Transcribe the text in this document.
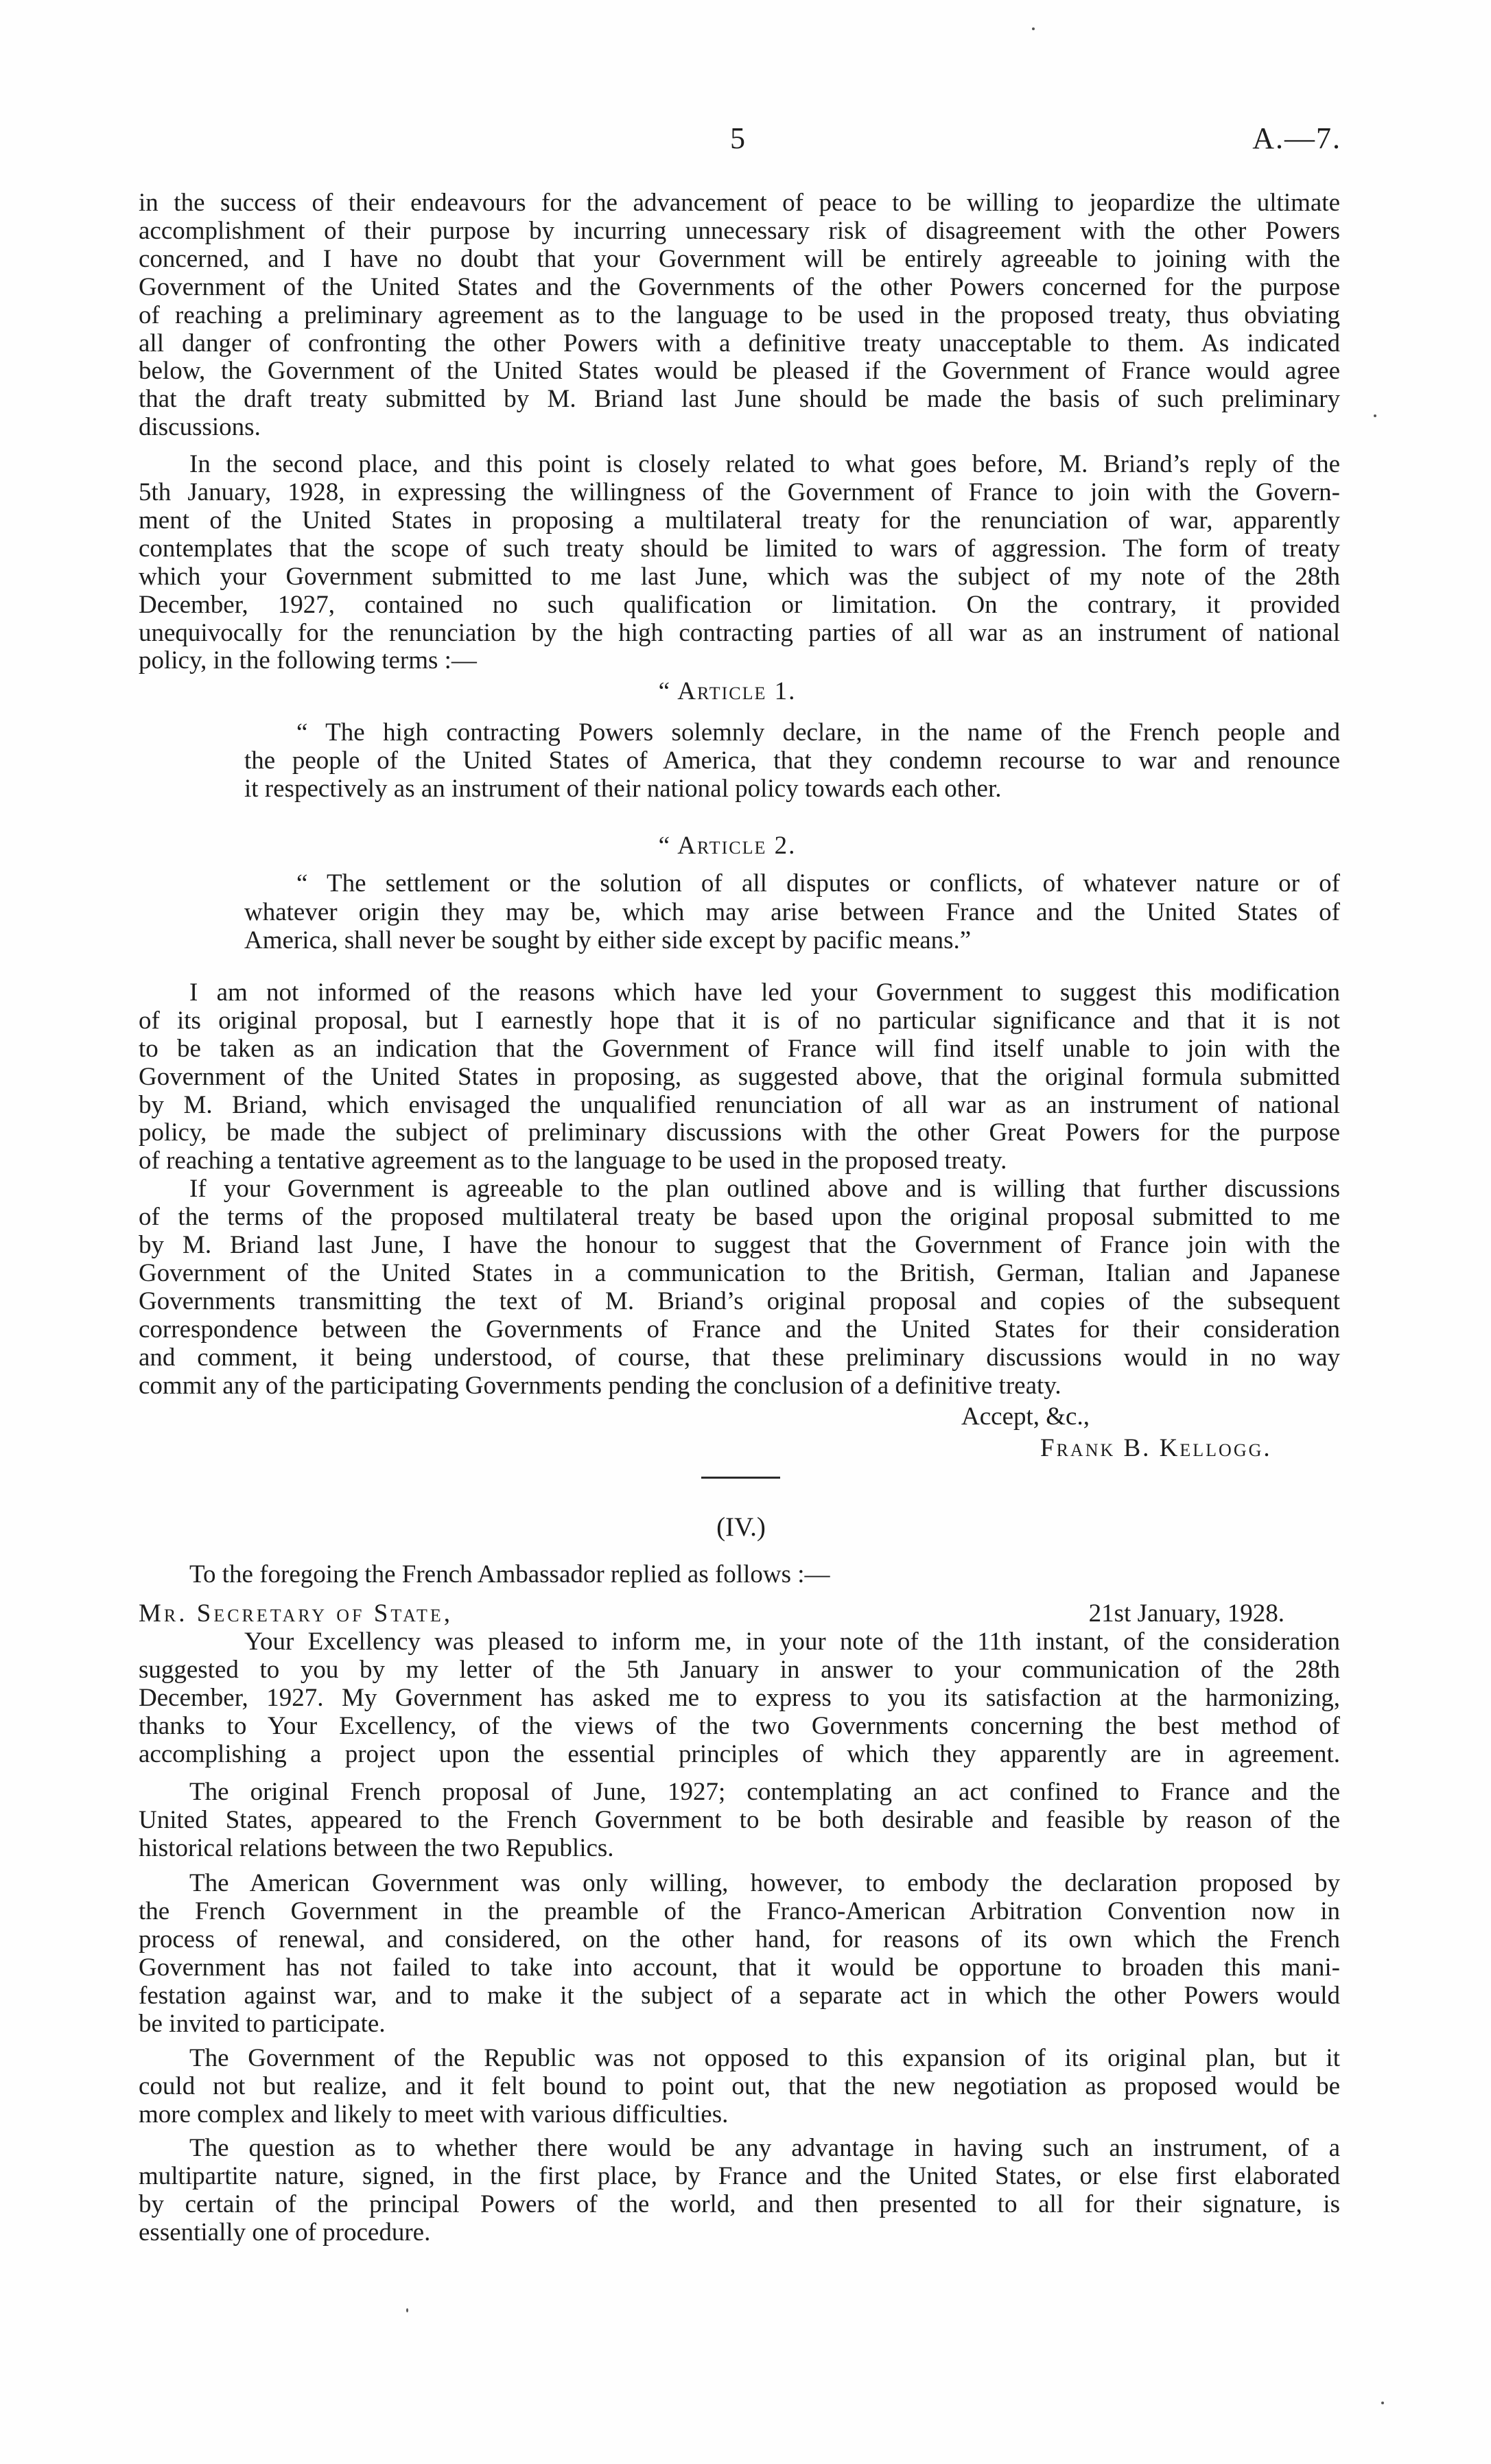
5	A.—7.
in the success of their endeavours for the advancement of peace to be willing to jeopardize the ultimate
accomplishment of their purpose by incurring unnecessary risk of disagreement with the other Powers
concerned, and I have no doubt that your Government will be entirely agreeable to joining with the
Government of the United States and the Governments of the other Powers concerned for the purpose
of reaching a preliminary agreement as to the language to be used in the proposed treaty, thus obviating
all danger of confronting the other Powers with a definitive treaty unacceptable to them. As indicated
below, the Government of the United States would be pleased if the Government of France would agree
that the draft treaty submitted by M. Briand last June should be made the basis of such preliminary
discussions.
In the second place, and this point is closely related to what goes before, M. Briand’s reply of the
5th January, 1928, in expressing the willingness of the Government of France to join with the Govern-
ment of the United States in proposing a multilateral treaty for the renunciation of war, apparently
contemplates that the scope of such treaty should be limited to wars of aggression. The form of treaty
which your Government submitted to me last June, which was the subject of my note of the 28th
December, 1927, contained no such qualification or limitation. On the contrary, it provided
unequivocally for the renunciation by the high contracting parties of all war as an instrument of national
policy, in the following terms :—
“ Article 1.
“ The high contracting Powers solemnly declare, in the name of the French people and
the people of the United States of America, that they condemn recourse to war and renounce
it respectively as an instrument of their national policy towards each other.
“ Article 2.
“ The settlement or the solution of all disputes or conflicts, of whatever nature or of
whatever origin they may be, which may arise between France and the United States of
America, shall never be sought by either side except by pacific means.”
I am not informed of the reasons which have led your Government to suggest this modification
of its original proposal, but I earnestly hope that it is of no particular significance and that it is not
to be taken as an indication that the Government of France will find itself unable to join with the
Government of the United States in proposing, as suggested above, that the original formula submitted
by M. Briand, which envisaged the unqualified renunciation of all war as an instrument of national
policy, be made the subject of preliminary discussions with the other Great Powers for the purpose
of reaching a tentative agreement as to the language to be used in the proposed treaty.
If your Government is agreeable to the plan outlined above and is willing that further discussions
of the terms of the proposed multilateral treaty be based upon the original proposal submitted to me
by M. Briand last June, I have the honour to suggest that the Government of France join with the
Government of the United States in a communication to the British, German, Italian and Japanese
Governments transmitting the text of M. Briand’s original proposal and copies of the subsequent
correspondence between the Governments of France and the United States for their consideration
and comment, it being understood, of course, that these preliminary discussions would in no way
commit any of the participating Governments pending the conclusion of a definitive treaty.
Accept, &c.,
Frank B. Kellogg.
(IV.)
To the foregoing the French Ambassador replied as follows :—
Mr. Secretary of State,	21st January, 1928.
Your Excellency was pleased to inform me, in your note of the 11th instant, of the consideration
suggested to you by my letter of the 5th January in answer to your communication of the 28th
December, 1927. My Government has asked me to express to you its satisfaction at the harmonizing,
thanks to Your Excellency, of the views of the two Governments concerning the best method of
accomplishing a project upon the essential principles of which they apparently are in agreement.
The original French proposal of June, 1927; contemplating an act confined to France and the
United States, appeared to the French Government to be both desirable and feasible by reason of the
historical relations between the two Republics.
The American Government was only willing, however, to embody the declaration proposed by
the French Government in the preamble of the Franco-American Arbitration Convention now in
process of renewal, and considered, on the other hand, for reasons of its own which the French
Government has not failed to take into account, that it would be opportune to broaden this mani-
festation against war, and to make it the subject of a separate act in which the other Powers would
be invited to participate.
The Government of the Republic was not opposed to this expansion of its original plan, but it
could not but realize, and it felt bound to point out, that the new negotiation as proposed would be
more complex and likely to meet with various difficulties.
The question as to whether there would be any advantage in having such an instrument, of a
multipartite nature, signed, in the first place, by France and the United States, or else first elaborated
by certain of the principal Powers of the world, and then presented to all for their signature, is
essentially one of procedure.
